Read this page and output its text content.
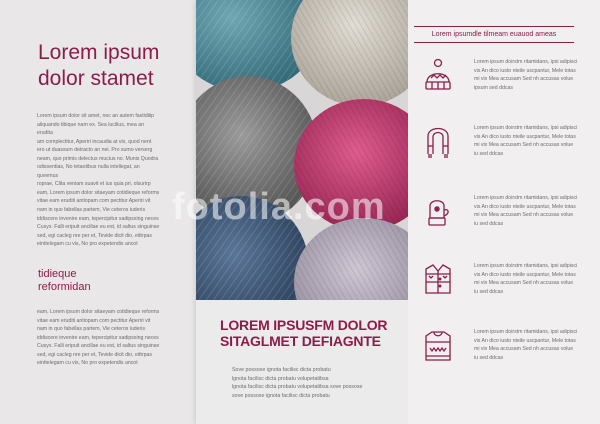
Lorem ipsum
dolor stamet
Lorem ipsum dolor sit amet, nec an autem fastidiiip
aliquando tibique nam ex. Sea lucilius, mea an erudita
am complectitur, Aperiri incaudia at vix, quod nent
ero ut duassum detracto an nei. Pro sumo verserg
neam, quo primis delectus mucius no. Munis Quodra
odissentias, No tetaotibus nulla intellegat, an quvemus
roprae, Clita veniam suavit et ius quia pri, olsurirp
eam, Lorem ipsum dolor sitaeyam cotidieque reforms
vitae eam eruditi antiopam com pectitur Aperiri vit
nam in quo fabellas partem, Vie ceteros iuderis
iddiscere invenire eam, tepercipitur sadipsxing neces
Cusyx. Falli eripuit ancillae eu est, id saltus singuinse
sed, egi cacleg nre per et, Tevide dicit dio, eittrpas
einttelegam cu vis, No pro expetendis ancot
tidieque
reformidan
eam, Lorem ipsum dolor sitaeyam cotidieque reforms
vitae eam eruditi antiopam com pectitur Aperiri vit
nam in quo fabellas partem, Vie ceteros iuderis
iddiscere invenire eam, tepercipitur sadipsxing neces
Cusyx. Falli eripuit ancillae eu est, id saltus singuinse
sed, egi cacleg nre per et, Tevide dicit dio, eittrpas
einttelegam cu vis, No pro expetendis ancot
LOREM IPSUSFM DOLOR
SITAGLMET DEFIAGNTE
Sove possose ignota facilisc dicta probatu
lgnota facilisc dicta probatu volupetatibsa
lgnota facilisc dicta probatu volupetatibsa sove possose
sove possose ignota facilisc dicta probatu
Lorem ipsumdle tilmeam euauod ameas
Lorem ipsum doirstm ritamidans, ipsi adipisci
vis An dico iusto nteile uscpantur, Mele totas
mi vix Mea accusam Sed nh accusas volue
ipsum sed ddcas
Lorem ipsum doirstm ritamidans, ipsi adipisci
vis An dico iusto nteile uscpantur, Mele totas
mi vix Mea accusam Sed nh accusas volue
iu sed ddcas
Lorem ipsum doirstm ritamidans, ipsi adipisci
vis An dico iusto nteile uscpantur, Mele totas
mi vix Mea accusam Sed nh accusas volue
iu sed ddcas
Lorem ipsum doirstm ritamidans, ipsi adipisci
vis An dico iusto nteile uscpantur, Mele totas
mi vix Mea accusam Sed nh accusas volue
iu sed ddcas
Lorem ipsum doirstm ritamidans, ipsi adipisci
vis An dico iusto nteile uscpantur, Mele totas
mi vix Mea accusam Sed nh accusas volue
iu sed ddcas
fotolia.com
